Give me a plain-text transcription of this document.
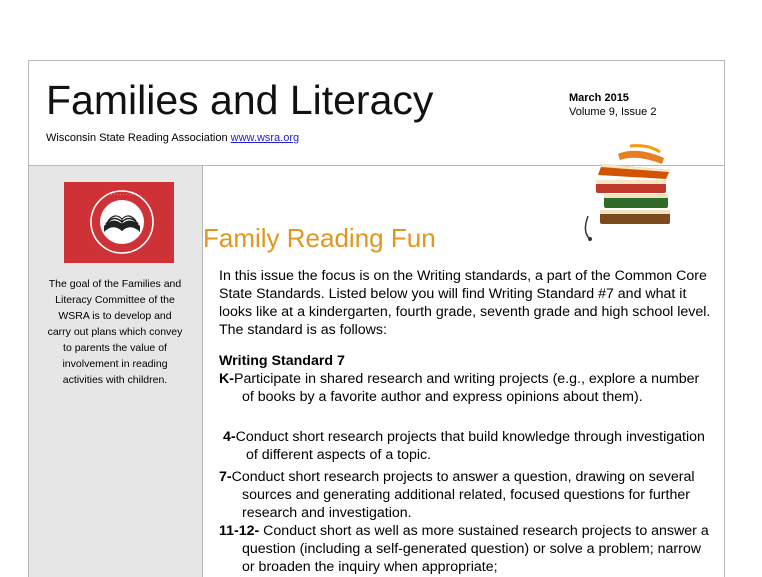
Families and Literacy	March 2015
Volume 9, Issue 2
Wisconsin State Reading Association www.wsra.org
· · · · · · · ·
The goal of the Families and Literacy Committee of the WSRA is to develop and carry out plans which convey to parents the value of involvement in reading activities with children.
Family Reading Fun
In this issue the focus is on the Writing standards, a part of the Common Core State Standards. Listed below you will find Writing Standard #7 and what it looks like at a kindergarten, fourth grade, seventh grade and high school level. The standard is as follows:
Writing Standard 7
K-Participate in shared research and writing projects (e.g., explore a number of books by a favorite author and express opinions about them).
4-Conduct short research projects that build knowledge through investigation of different aspects of a topic.
7-Conduct short research projects to answer a question, drawing on several sources and generating additional related, focused questions for further research and investigation.
11-12- Conduct short as well as more sustained research projects to answer a question (including a self-generated question) or solve a problem; narrow or broaden the inquiry when appropriate;
